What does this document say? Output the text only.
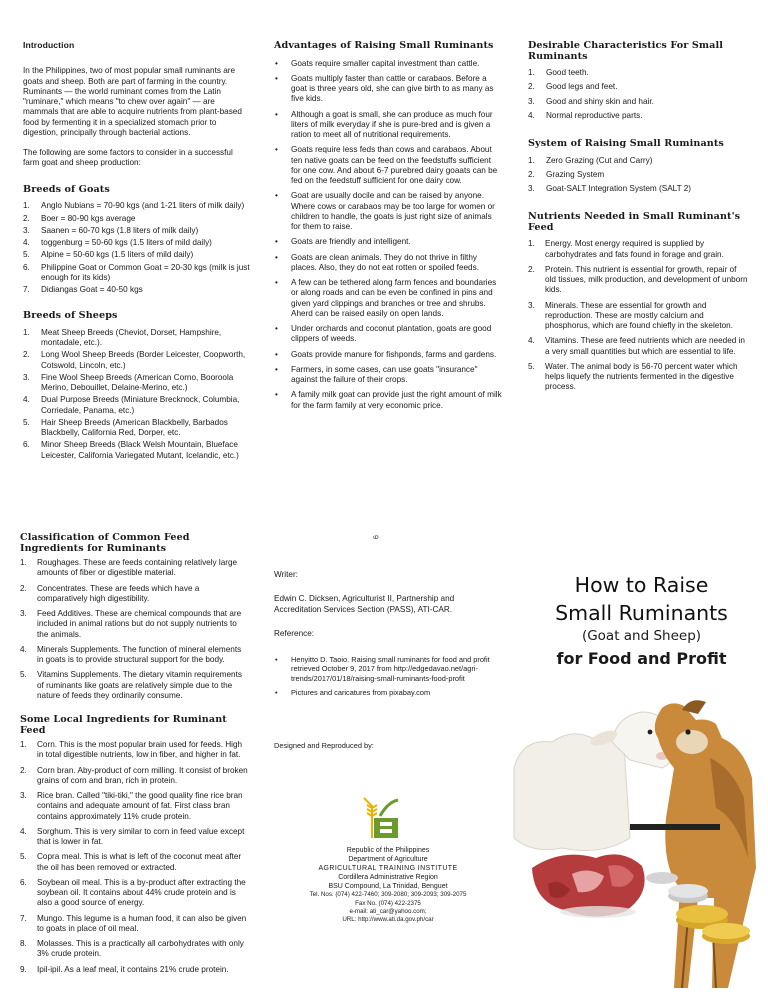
Introduction

In the Philippines, two of most popular small ruminants are goats and sheep. Both are part of farming in the country. Ruminants — the world ruminant comes from the Latin "ruminare," which means "to chew over again" — are mammals that are able to acquire nutrients from plant-based food by fermenting it in a specialized stomach prior to digestion, principally through bacterial actions.

The following are some factors to consider in a successful farm goat and sheep production:

Breeds of Goats
1. Anglo Nubians = 70-90 kgs (and 1-21 liters of milk daily)
2. Boer = 80-90 kgs average
3. Saanen = 60-70 kgs (1.8 liters of milk daily)
4. toggenburg = 50-60 kgs (1.5 liters of mild daily)
5. Alpine = 50-60 kgs (1.5 liters of mild daily)
6. Philippine Goat or Common Goat = 20-30 kgs (milk is just enough for its kids)
7. Didiangas Goat = 40-50 kgs
Breeds of Sheeps
1. Meat Sheep Breeds (Cheviot, Dorset, Hampshire, montadale, etc.).
2. Long Wool Sheep Breeds (Border Leicester, Coopworth, Cotswold, Lincoln, etc.)
3. Fine Wool Sheep Breeds (American Corno, Booroola Merino, Debouillet, Delaine-Merino, etc.)
4. Dual Purpose Breeds (Miniature Brecknock, Columbia, Corriedale, Panama, etc.)
5. Hair Sheep Breeds (American Blackbelly, Barbados Blackbelly, California Red, Dorper, etc.
6. Minor Sheep Breeds (Black Welsh Mountain, Blueface Leicester, California Variegated Mutant, Icelandic, etc.)
Advantages of Raising Small Ruminants
• Goats require smaller capital investment than cattle.
• Goats multiply faster than cattle or carabaos. Before a goat is three years old, she can give birth to as many as five kids.
• Although a goat is small, she can produce as much four liters of milk everyday if she is pure-bred and is given a ration to meet all of nutritional requirements.
• Goats require less feds than cows and carabaos. About ten native goats can be feed on the feedstuffs sufficient for one cow. And about 6-7 purebred dairy goaats can be fed on the feedstuff sufficient for one dairy cow.
• Goat are usually docile and can be raised by anyone. Where cows or carabaos may be too large for women or children to handle, the goats is just right size of animals for them to raise.
• Goats are friendly and intelligent.
• Goats are clean animals. They do not thrive in filthy places. Also, they do not eat rotten or spoiled feeds.
• A few can be tethered along farm fences and boundaries or along roads and can be even be confined in pins and given yard clippings and branches or tree and shrubs. Aherd can be raised easily on open lands.
• Under orchards and coconut plantation, goats are good clippers of weeds.
• Goats provide manure for fishponds, farms and gardens.
• Farmers, in some cases, can use goats "insurance" against the failure of their crops.
• A family milk goat can provide just the right amount of milk for the farm family at very economic price.
Desirable Characteristics For Small Ruminants
1. Good teeth.
2. Good legs and feet.
3. Good and shiny skin and hair.
4. Normal reproductive parts.
System of Raising Small Ruminants
1. Zero Grazing (Cut and Carry)
2. Grazing System
3. Goat-SALT Integration System (SALT 2)
Nutrients Needed in Small Ruminant's Feed
1. Energy. Most energy required is supplied by carbohydrates and fats found in forage and grain.
2. Protein. This nutrient is essential for growth, repair of old tissues, milk production, and development of unborn kids.
3. Minerals. These are essential for growth and reproduction. These are mostly calcium and phosphorus, which are found chiefly in the skeleton.
4. Vitamins. These are feed nutrients which are needed in a very small quantities but which are essential to life.
5. Water. The animal body is 56-70 percent water which helps liquefy the nutrients fermented in the digestive process.
Classification of Common Feed Ingredients for Ruminants
1. Roughages. These are feeds containing relatively large amounts of fiber or digestible material.
2. Concentrates. These are feeds which have a comparatively high digestibility.
3. Feed Additives. These are chemical compounds that are included in animal rations but do not supply nutrients to the animals.
4. Minerals Supplements. The function of mineral elements in goats is to provide structural support for the body.
5. Vitamins Supplements. The dietary vitamin requirements of ruminants like goats are relatively simple due to the nature of feeds they ordinarily consume.
Some Local Ingredients for Ruminant Feed
1. Corn. This is the most popular brain used for feeds. High in total digestible nutrients, low in fiber, and higher in fat.
2. Corn bran. Aby-product of corn milling. It consist of broken grains of corn and bran, rich in protein.
3. Rice bran. Called "tiki-tiki," the good quality fine rice bran contains and adequate amount of fat. First class bran contains approximately 11% crude protein.
4. Sorghum. This is very similar to corn in feed value except that is lower in fat.
5. Copra meal. This is what is left of the coconut meat after the oil has been removed or extracted.
6. Soybean oil meal. This is a by-product after extracting the soybean oil. It contains about 44% crude protein and is also a good source of energy.
7. Mungo. This legume is a human food, it can also be given to goats in place of oil meal.
8. Molasses. This is a practically all carbohydrates with only 3% crude protein.
9. Ipil-ipil. As a leaf meal, it contains 21% crude protein.
௰
Writer:
Edwin C. Dicksen, Agriculturist II, Partnership and Accreditation Services Section (PASS), ATI-CAR.
Reference:
• Henyitto D. Taoio. Raising small ruminants for food and profit retrieved October 9, 2017 from http://edgedavao.net/agri-trends/2017/01/18/raising-small-ruminants-food-profit
• Pictures and caricatures from pixabay.com
Designed and Reproduced by:
Republic of the Philippines
Department of Agriculture
AGRICULTURAL TRAINING INSTITUTE
Cordillera Administrative Region
BSU Compound, La Trinidad, Benguet
Tel. Nos. (074) 422-7460; 309-2080; 309-2093; 309-2075
Fax No. (074) 422-2375
e-mail: ati_car@yahoo.com;
URL: http://www.ati.da.gov.ph/car
How to Raise
Small Ruminants
(Goat and Sheep)
for Food and Profit
